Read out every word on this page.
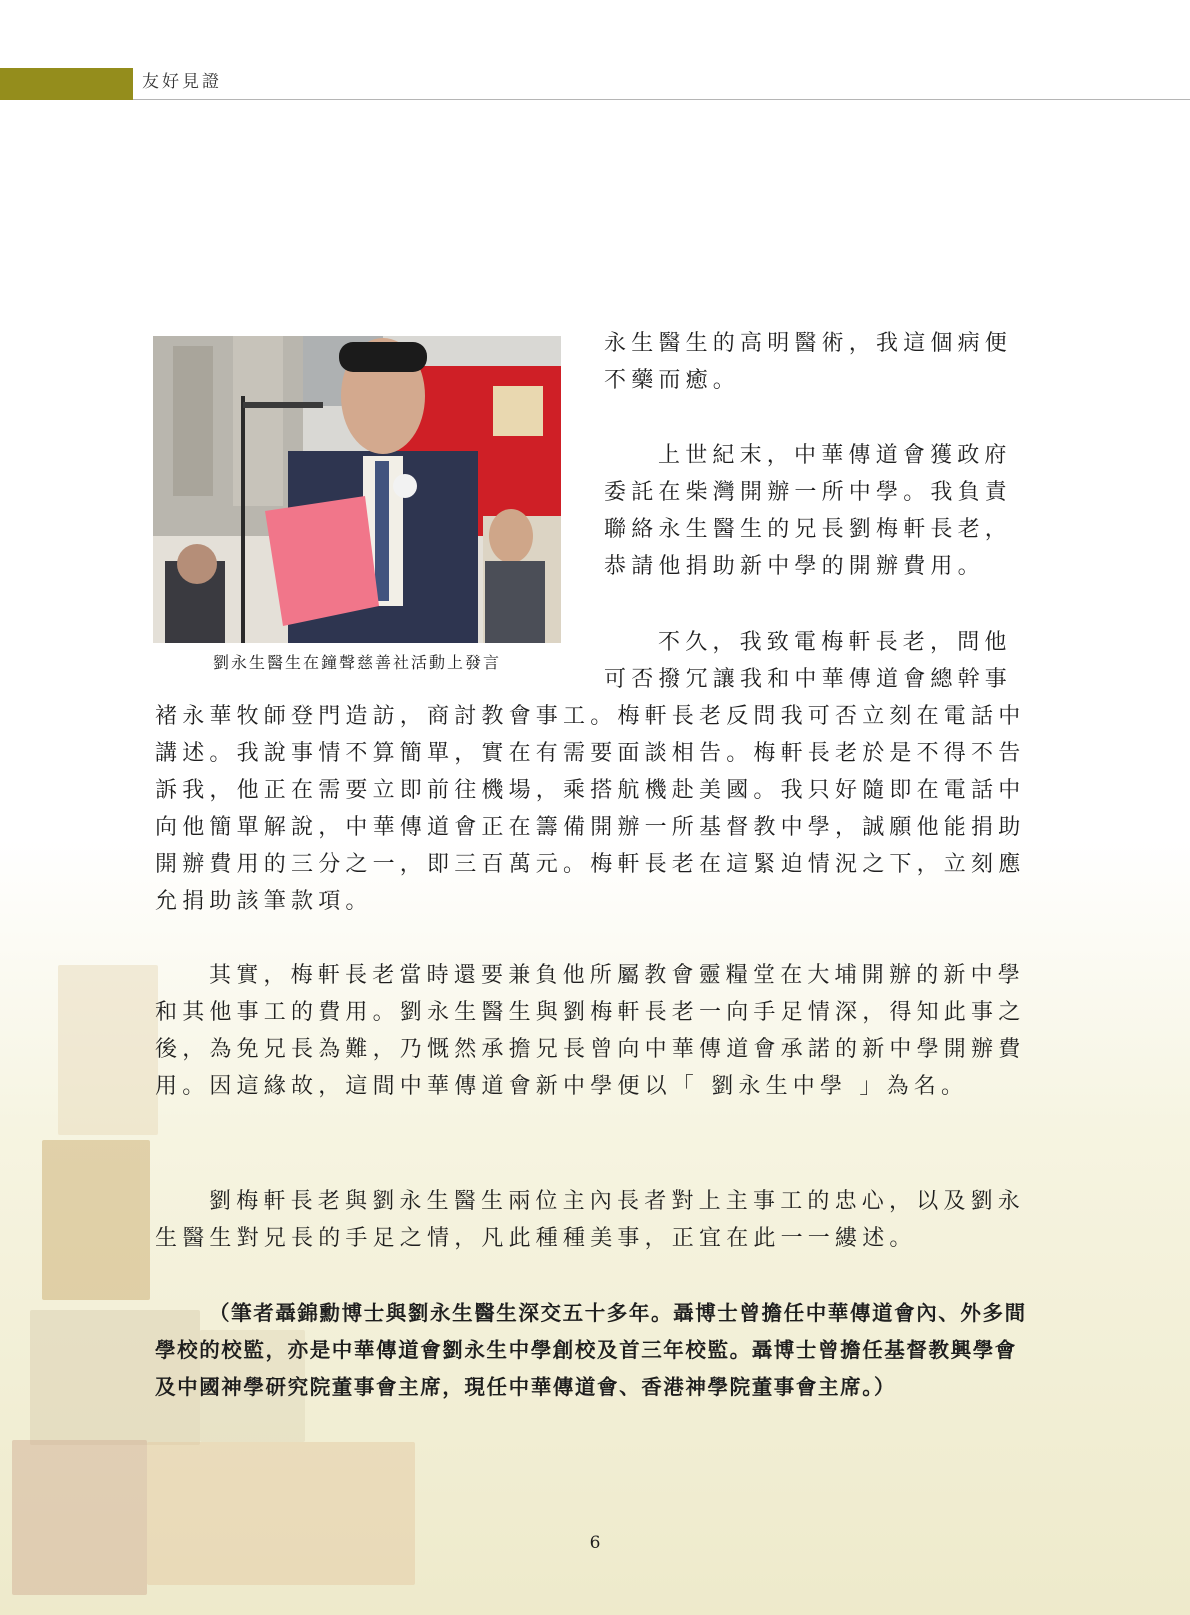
友好見證
劉永生醫生在鐘聲慈善社活動上發言

永生醫生的高明醫術，我這個病便不藥而癒。

上世紀末，中華傳道會獲政府委託在柴灣開辦一所中學。我負責聯絡永生醫生的兄長劉梅軒長老，恭請他捐助新中學的開辦費用。

不久，我致電梅軒長老，問他可否撥冗讓我和中華傳道會總幹事

褚永華牧師登門造訪，商討教會事工。梅軒長老反問我可否立刻在電話中講述。我說事情不算簡單，實在有需要面談相告。梅軒長老於是不得不告訴我，他正在需要立即前往機場，乘搭航機赴美國。我只好隨即在電話中向他簡單解說，中華傳道會正在籌備開辦一所基督教中學，誠願他能捐助開辦費用的三分之一，即三百萬元。梅軒長老在這緊迫情況之下，立刻應允捐助該筆款項。

其實，梅軒長老當時還要兼負他所屬教會靈糧堂在大埔開辦的新中學和其他事工的費用。劉永生醫生與劉梅軒長老一向手足情深，得知此事之後，為免兄長為難，乃慨然承擔兄長曾向中華傳道會承諾的新中學開辦費用。因這緣故，這間中華傳道會新中學便以「 劉永生中學 」為名。

劉梅軒長老與劉永生醫生兩位主內長者對上主事工的忠心，以及劉永生醫生對兄長的手足之情，凡此種種美事，正宜在此一一縷述。

（筆者聶錦勳博士與劉永生醫生深交五十多年。聶博士曾擔任中華傳道會內、外多間學校的校監，亦是中華傳道會劉永生中學創校及首三年校監。聶博士曾擔任基督教興學會及中國神學研究院董事會主席，現任中華傳道會、香港神學院董事會主席。）

6
